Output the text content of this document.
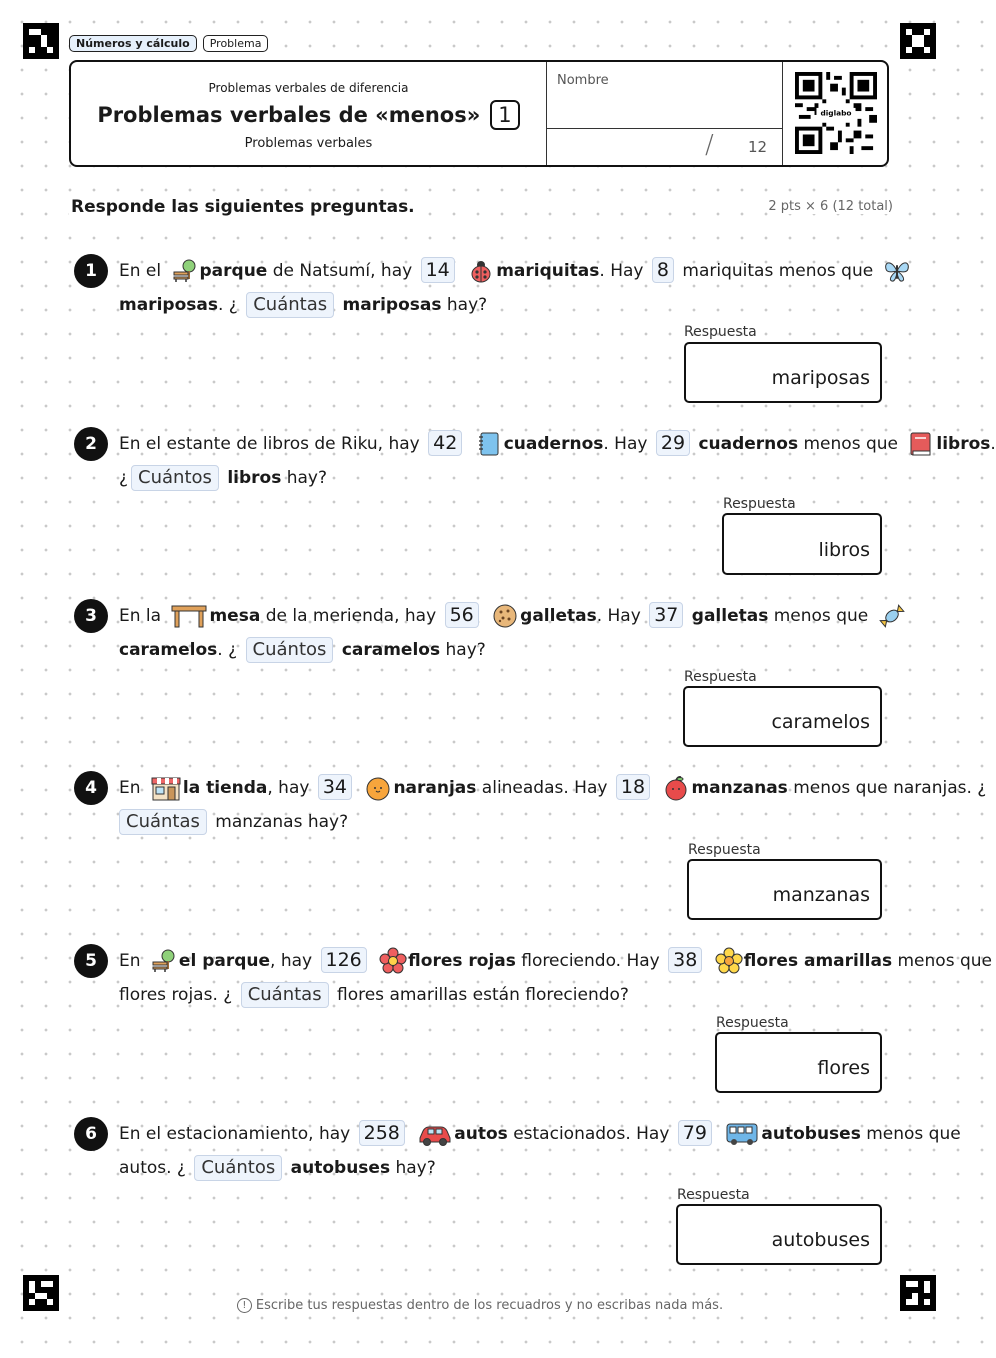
Números y cálculo	Problema
Problemas verbales de diferencia
Problemas verbales de «menos» 1
Problemas verbales
Nombre
/ 12
diglabo
Responde las siguientes preguntas.	2 pts × 6 (12 total)
1	En el parque de Natsumí, hay 14	mariquitas. Hay 8 mariquitas menos que
mariposas. ¿ Cuántas mariposas hay?
Respuesta
mariposas
2	En el estante de libros de Riku, hay 42	cuadernos. Hay 29 cuadernos menos que libros.
¿ Cuántos libros hay?
Respuesta
libros
3	En la	mesa de la merienda, hay 56	galletas. Hay 37 galletas menos que
caramelos. ¿ Cuántos caramelos hay?
Respuesta
caramelos
4	En la tienda, hay 34	naranjas alineadas. Hay 18	manzanas menos que naranjas. ¿
Cuántas manzanas hay?
Respuesta
manzanas
5	En el parque, hay 126	flores rojas floreciendo. Hay 38	flores amarillas menos que
flores rojas. ¿ Cuántas flores amarillas están floreciendo?
Respuesta
flores
6	En el estacionamiento, hay 258	autos estacionados. Hay 79	autobuses menos que
autos. ¿ Cuántos autobuses hay?
Respuesta
autobuses
! Escribe tus respuestas dentro de los recuadros y no escribas nada más.
